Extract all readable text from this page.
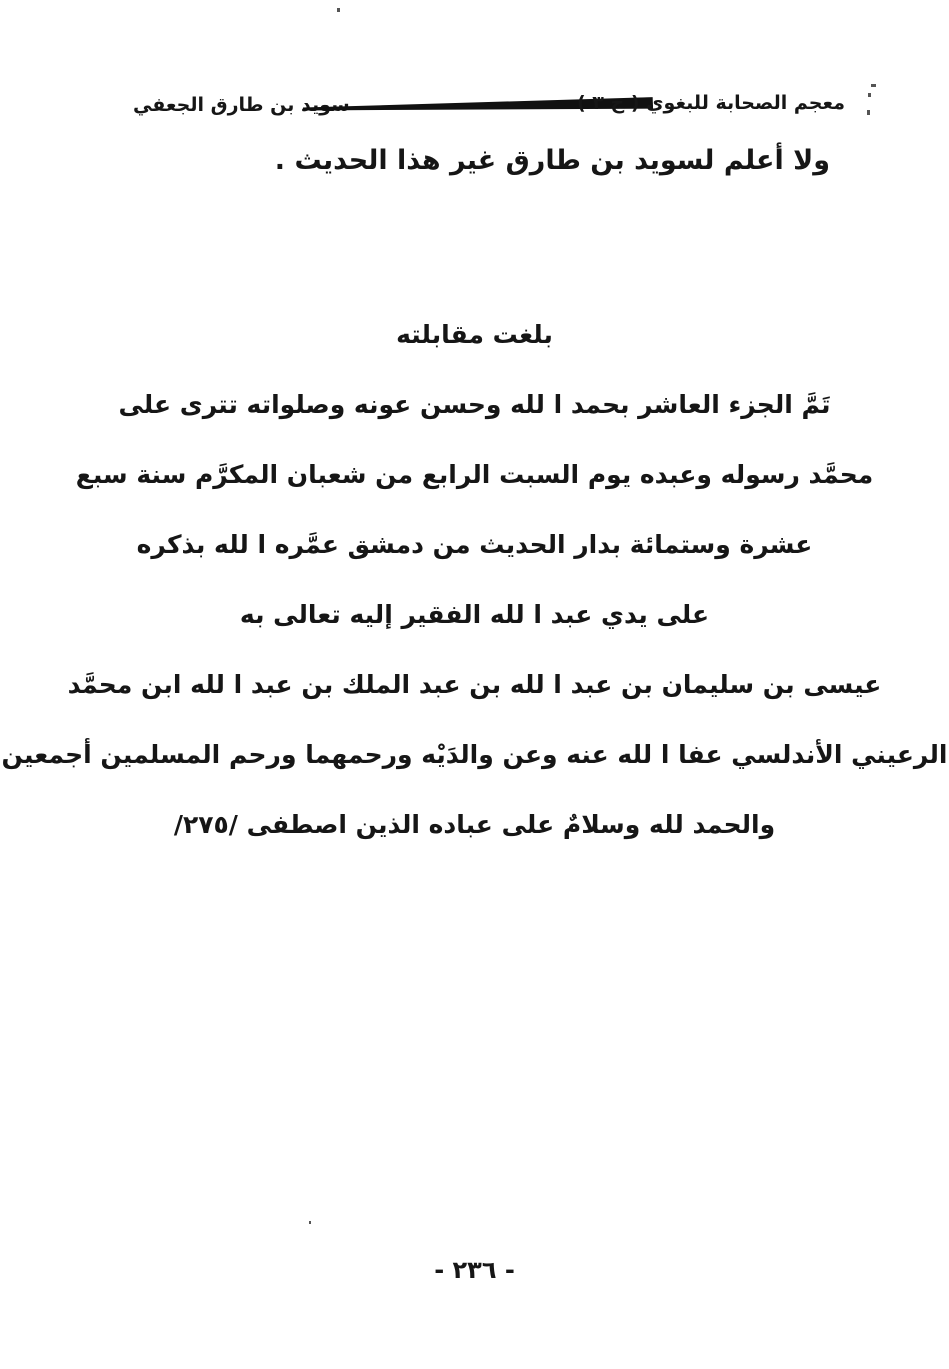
سويد بن طارق الجعفي	معجم الصحابة للبغوي ( ج ٣ )
ولا أعلم لسويد بن طارق غير هذا الحديث .
بلغت مقابلته
تَمَّ الجزء العاشر بحمد ا لله وحسن عونه وصلواته تترى على
محمَّد رسوله وعبده يوم السبت الرابع من شعبان المكرَّم سنة سبع
عشرة وستمائة بدار الحديث من دمشق عمَّره ا لله بذكره
على يدي عبد ا لله الفقير إليه تعالى به
عيسى بن سليمان بن عبد ا لله بن عبد الملك بن عبد ا لله ابن محمَّد
الرعيني الأندلسي عفا ا لله عنه وعن والدَيْه ورحمهما ورحم المسلمين أجمعين
والحمد لله وسلامٌ على عباده الذين اصطفى /٢٧٥/
- ٢٣٦ -
